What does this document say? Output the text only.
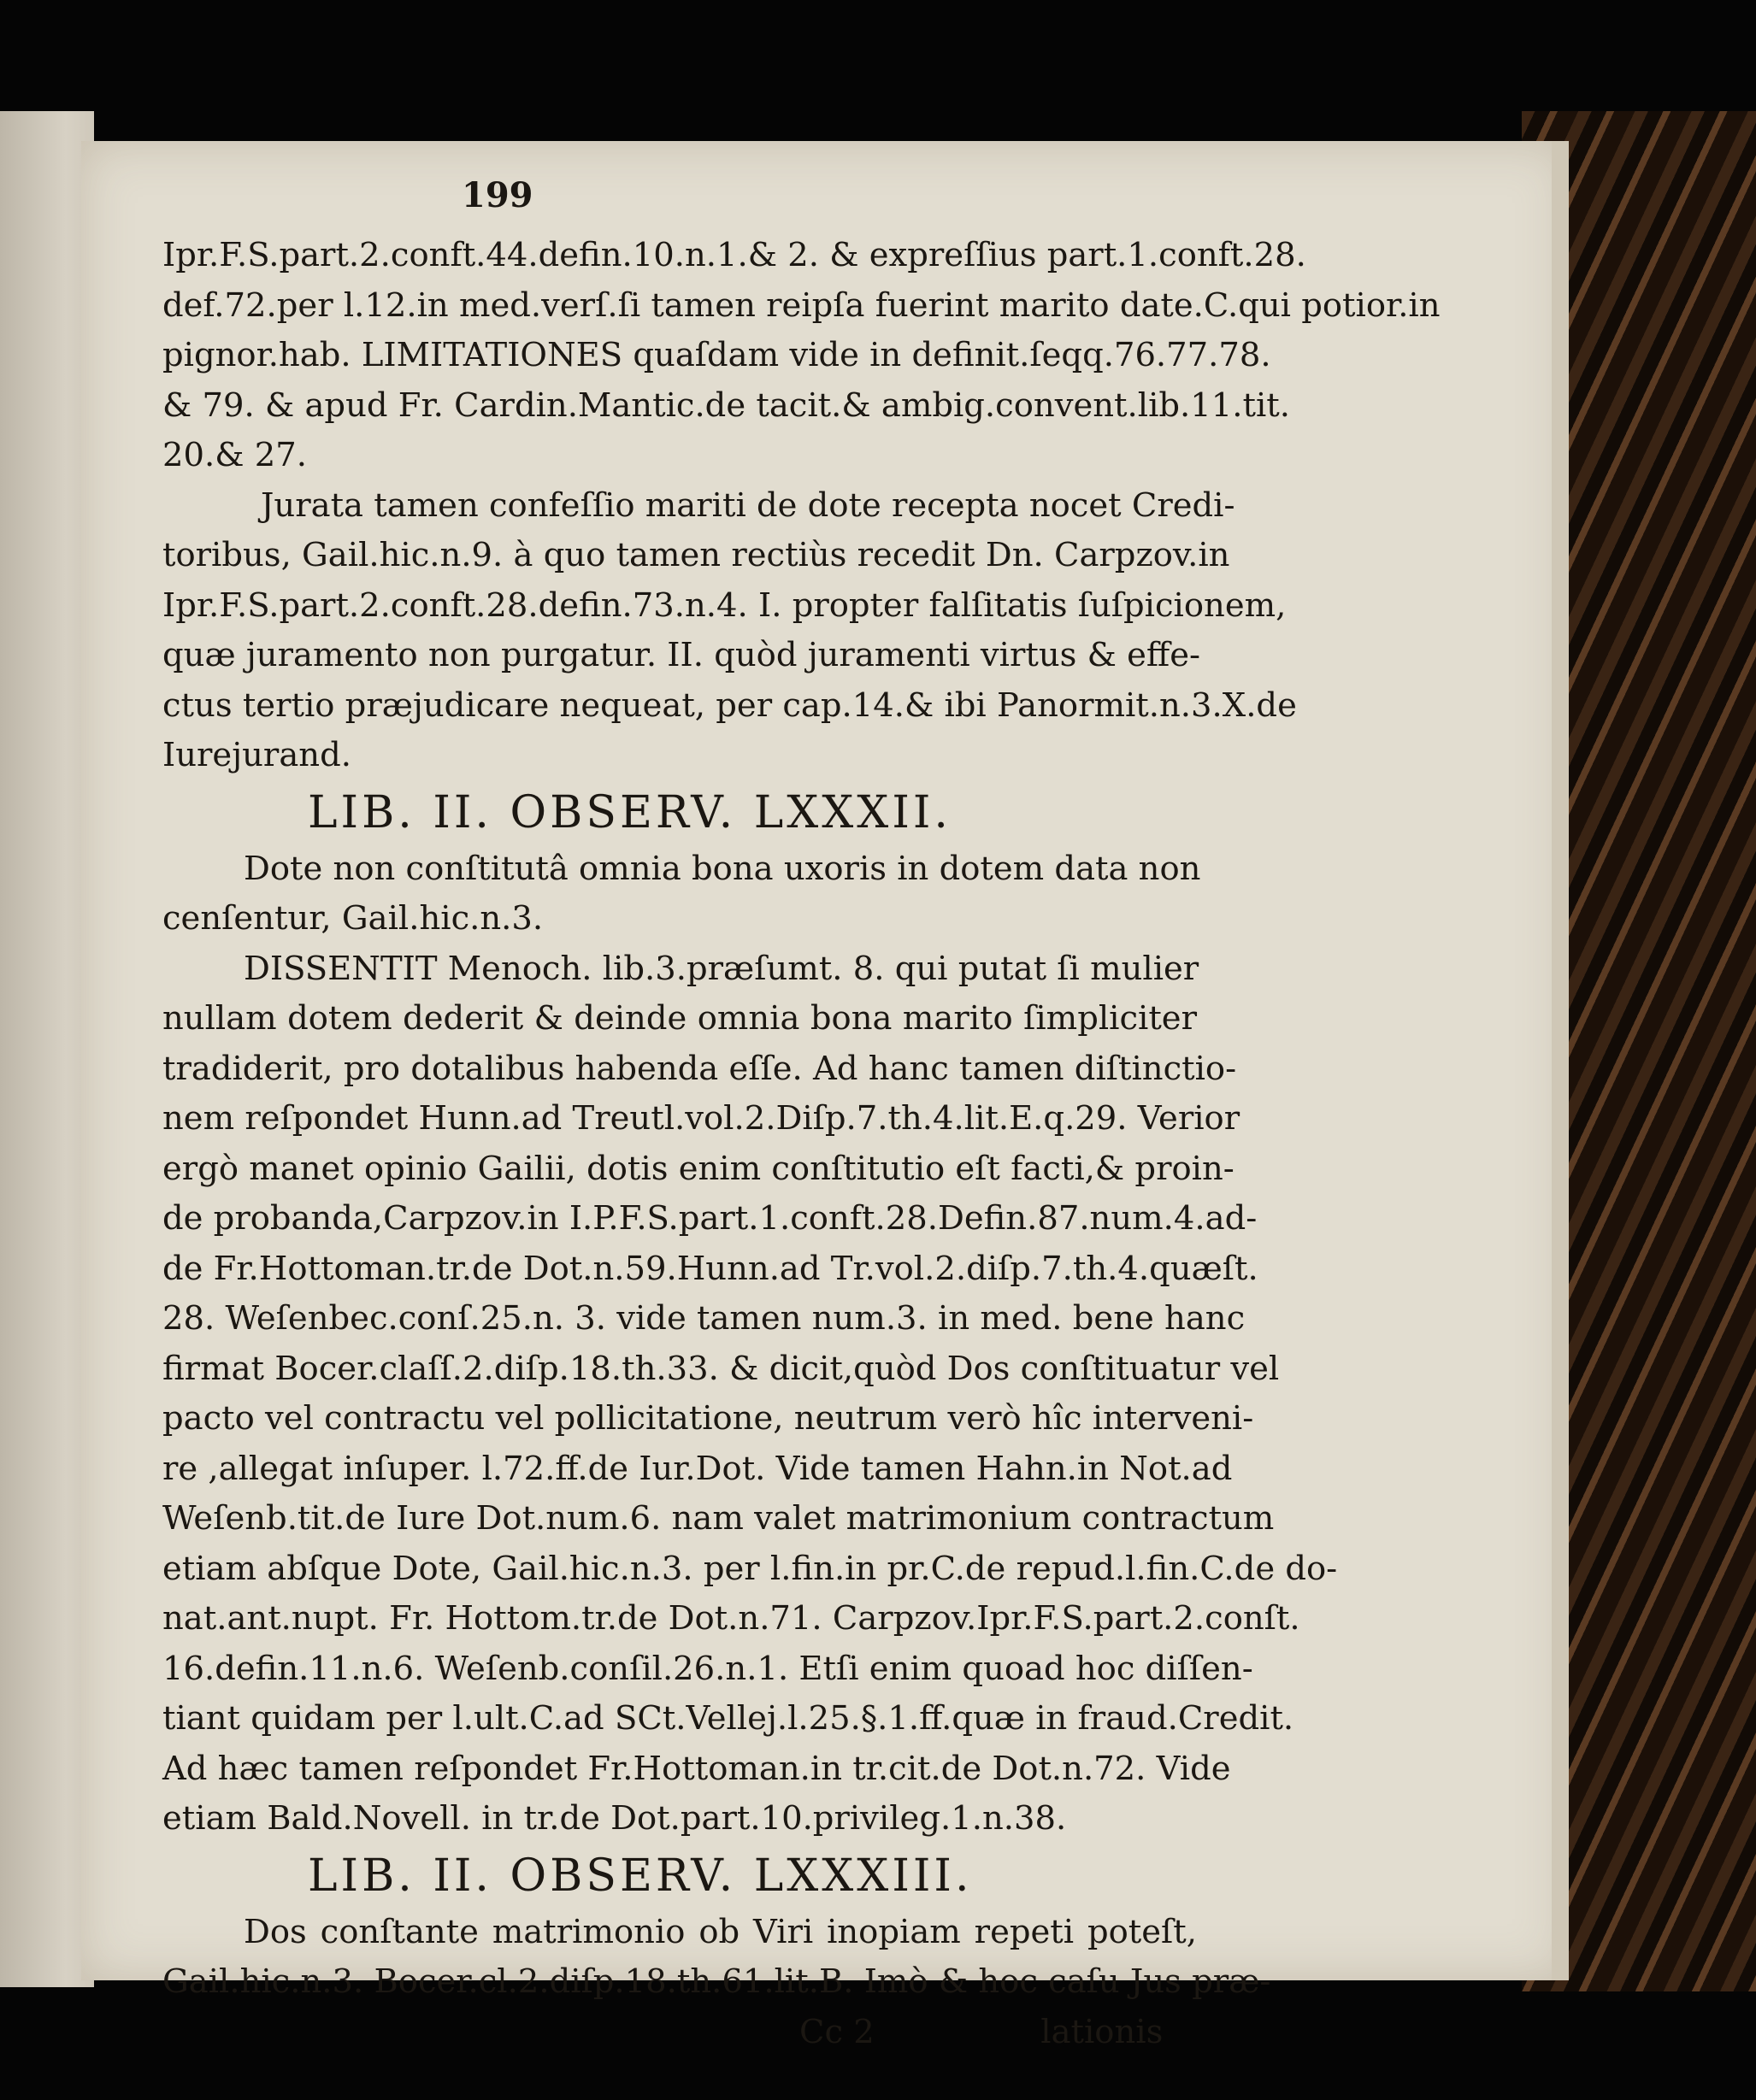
199
Ipr.F.S.part.2.conft.44.defin.10.n.1.& 2. & expreſſius part.1.conft.28.
def.72.per l.12.in med.verſ.ſi tamen reipſa fuerint marito date.C.qui potior.in
pignor.hab. LIMITATIONES quaſdam vide in definit.ſeqq.76.77.78.
& 79. & apud Fr. Cardin.Mantic.de tacit.& ambig.convent.lib.11.tit.
20.& 27.
Jurata tamen confeſſio mariti de dote recepta nocet Credi-
toribus, Gail.hic.n.9. à quo tamen rectiùs recedit Dn. Carpzov.in
Ipr.F.S.part.2.conft.28.defin.73.n.4. I. propter falſitatis ſuſpicionem,
quæ juramento non purgatur. II. quòd juramenti virtus & effe-
ctus tertio præjudicare nequeat, per cap.14.& ibi Panormit.n.3.X.de
Iurejurand.
LIB. II. OBSERV. LXXXII.
Dote non conſtitutâ omnia bona uxoris in dotem data non
cenſentur, Gail.hic.n.3.
DISSENTIT Menoch. lib.3.præſumt. 8. qui putat ſi mulier
nullam dotem dederit & deinde omnia bona marito ſimpliciter
tradiderit, pro dotalibus habenda eſſe. Ad hanc tamen diſtinctio-
nem reſpondet Hunn.ad Treutl.vol.2.Diſp.7.th.4.lit.E.q.29. Verior
ergò manet opinio Gailii, dotis enim conſtitutio eſt facti,& proin-
de probanda,Carpzov.in I.P.F.S.part.1.conft.28.Defin.87.num.4.ad-
de Fr.Hottoman.tr.de Dot.n.59.Hunn.ad Tr.vol.2.diſp.7.th.4.quæſt.
28. Weſenbec.conſ.25.n. 3. vide tamen num.3. in med. bene hanc
firmat Bocer.claſſ.2.diſp.18.th.33. & dicit,quòd Dos conſtituatur vel
pacto vel contractu vel pollicitatione, neutrum verò hîc interveni-
re ,allegat inſuper. l.72.ff.de Iur.Dot. Vide tamen Hahn.in Not.ad
Weſenb.tit.de Iure Dot.num.6. nam valet matrimonium contractum
etiam abſque Dote, Gail.hic.n.3. per l.fin.in pr.C.de repud.l.fin.C.de do-
nat.ant.nupt. Fr. Hottom.tr.de Dot.n.71. Carpzov.Ipr.F.S.part.2.conſt.
16.defin.11.n.6. Weſenb.conſil.26.n.1. Etſi enim quoad hoc diſſen-
tiant quidam per l.ult.C.ad SCt.Vellej.l.25.§.1.ff.quæ in fraud.Credit.
Ad hæc tamen reſpondet Fr.Hottoman.in tr.cit.de Dot.n.72. Vide
etiam Bald.Novell. in tr.de Dot.part.10.privileg.1.n.38.
LIB. II. OBSERV. LXXXIII.
Dos conſtante matrimonio ob Viri inopiam repeti poteſt,
Gail.hic.n.3. Bocer.cl.2.diſp.18.th.61.lit.B. Imò & hoc caſu Jus præ-
Cc 2	lationis
